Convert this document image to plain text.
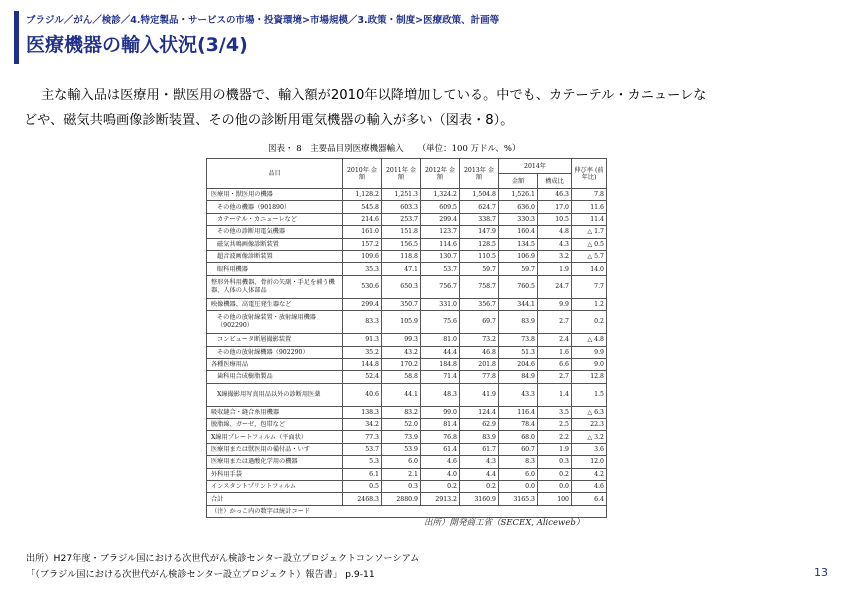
ブラジル／がん／検診／4.特定製品・サービスの市場・投資環境>市場規模／3.政策・制度>医療政策、計画等
医療機器の輸入状況(3/4)
主な輸入品は医療用・獣医用の機器で、輸入額が2010年以降増加している。中でも、カテーテル・カニューレな
どや、磁気共鳴画像診断装置、その他の診断用電気機器の輸入が多い（図表・8）。
図表・ 8　主要品目別医療機器輸入 （単位：100 万ドル、%）
品目	2010年 金額	2011年 金額	2012年 金額	2013年 金額	2014年		伸び率 (前年比)
					金額	構成比	
医療用・獣医用の機器	1,128.2	1,251.3	1,324.2	1,504.8	1,526.1	46.3	7.8
その他の機器（901890）	545.8	603.3	609.5	624.7	636.0	17.0	11.6
カテーテル・カニューレなど	214.6	253.7	299.4	338.7	330.3	10.5	11.4
その他の診断用電気機器	161.0	151.8	123.7	147.9	160.4	4.8	△ 1.7
磁気共鳴画像診断装置	157.2	156.5	114.6	128.5	134.5	4.3	△ 0.5
超音波画像診断装置	109.6	118.8	130.7	110.5	106.9	3.2	△ 5.7
眼科用機器	35.3	47.1	53.7	59.7	59.7	1.9	14.0
整形外科用機器、骨折の矢副・手足を補う機器、人体の人体部品	530.6	650.3	756.7	758.7	760.5	24.7	7.7
映像機器、高電圧発生器など	299.4	350.7	331.0	356.7	344.1	9.9	1.2
その他の放射線装置・放射線用機器（902290）	83.3	105.9	75.6	69.7	83.9	2.7	0.2
コンピュータ断層撮影装置	91.3	99.3	81.0	73.2	73.8	2.4	△ 4.8
その他の放射線機器（902290）	35.2	43.2	44.4	46.8	51.3	1.6	9.9
各種医療用品	144.8	170.2	184.8	201.8	204.6	6.6	9.0
歯科用合成樹脂製品	52.4	58.8	71.4	77.8	84.9	2.7	12.8
X線撮影用写真用品以外の診断用医薬	40.6	44.1	48.3	41.9	43.3	1.4	1.5
吸収縫合・縫合糸用機器	138.3	83.2	99.0	124.4	116.4	3.5	△ 6.3
脱脂綿、ガーゼ、包帯など	34.2	52.0	81.4	62.9	78.4	2.5	22.3
X線用プレートフィルム（平面状）	77.3	73.9	76.8	83.9	68.0	2.2	△ 3.2
医療用または獣医用の備付品・いす	53.7	53.9	61.4	61.7	60.7	1.9	3.6
医療用または過酸化学用の機器	5.3	6.0	4.6	4.3	8.3	0.3	12.0
外科用手袋	6.1	2.1	4.0	4.4	6.0	0.2	4.2
インスタントプリントフィルム	0.5	0.3	0.2	0.2	0.0	0.0	4.6
合計	2468.3	2880.9	2913.2	3160.9	3165.3	100	6.4
（注）かっこ内の数字は統計コード							
出所）開発商工省（SECEX, Aliceweb）
出所）H27年度・ブラジル国における次世代がん検診センター設立プロジェクトコンソーシアム
「（ブラジル国における次世代がん検診センター設立プロジェクト）報告書」 p.9-11	13
